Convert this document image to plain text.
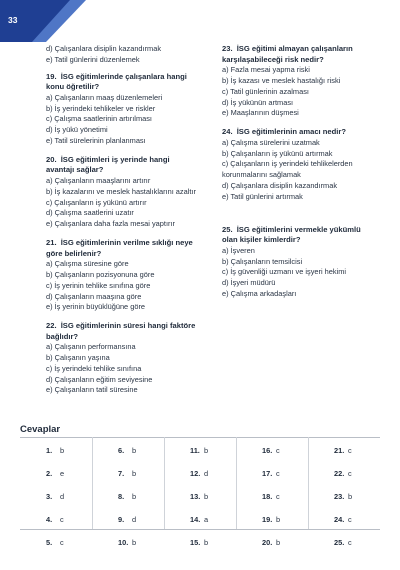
33
d) Çalışanlara disiplin kazandırmak
e) Tatil günlerini düzenlemek
19. İSG eğitimlerinde çalışanlara hangi konu öğretilir?
a) Çalışanların maaş düzenlemeleri
b) İş yerindeki tehlikeler ve riskler
c) Çalışma saatlerinin artırılması
d) İş yükü yönetimi
e) Tatil sürelerinin planlanması
20. İSG eğitimleri iş yerinde hangi avantajı sağlar?
a) Çalışanların maaşlarını artırır
b) İş kazalarını ve meslek hastalıklarını azaltır
c) Çalışanların iş yükünü artırır
d) Çalışma saatlerini uzatır
e) Çalışanlara daha fazla mesai yaptırır
21. İSG eğitimlerinin verilme sıklığı neye göre belirlenir?
a) Çalışma süresine göre
b) Çalışanların pozisyonuna göre
c) İş yerinin tehlike sınıfına göre
d) Çalışanların maaşına göre
e) İş yerinin büyüklüğüne göre
22. İSG eğitimlerinin süresi hangi faktöre bağlıdır?
a) Çalışanın performansına
b) Çalışanın yaşına
c) İş yerindeki tehlike sınıfına
d) Çalışanların eğitim seviyesine
e) Çalışanların tatil süresine
23. İSG eğitimi almayan çalışanların karşılaşabileceği risk nedir?
a) Fazla mesai yapma riski
b) İş kazası ve meslek hastalığı riski
c) Tatil günlerinin azalması
d) İş yükünün artması
e) Maaşlarının düşmesi
24. İSG eğitimlerinin amacı nedir?
a) Çalışma sürelerini uzatmak
b) Çalışanların iş yükünü artırmak
c) Çalışanların iş yerindeki tehlikelerden korunmalarını sağlamak
d) Çalışanlara disiplin kazandırmak
e) Tatil günlerini artırmak
25. İSG eğitimlerini vermekle yükümlü olan kişiler kimlerdir?
a) İşveren
b) Çalışanların temsilcisi
c) İş güvenliği uzmanı ve işyeri hekimi
d) İşyeri müdürü
e) Çalışma arkadaşları
Cevaplar
1. b	6. b	11. b	16. c	21. c
2. e	7. b	12. d	17. c	22. c
3. d	8. b	13. b	18. c	23. b
4. c	9. d	14. a	19. b	24. c
5. c	10. b	15. b	20. b	25. c
